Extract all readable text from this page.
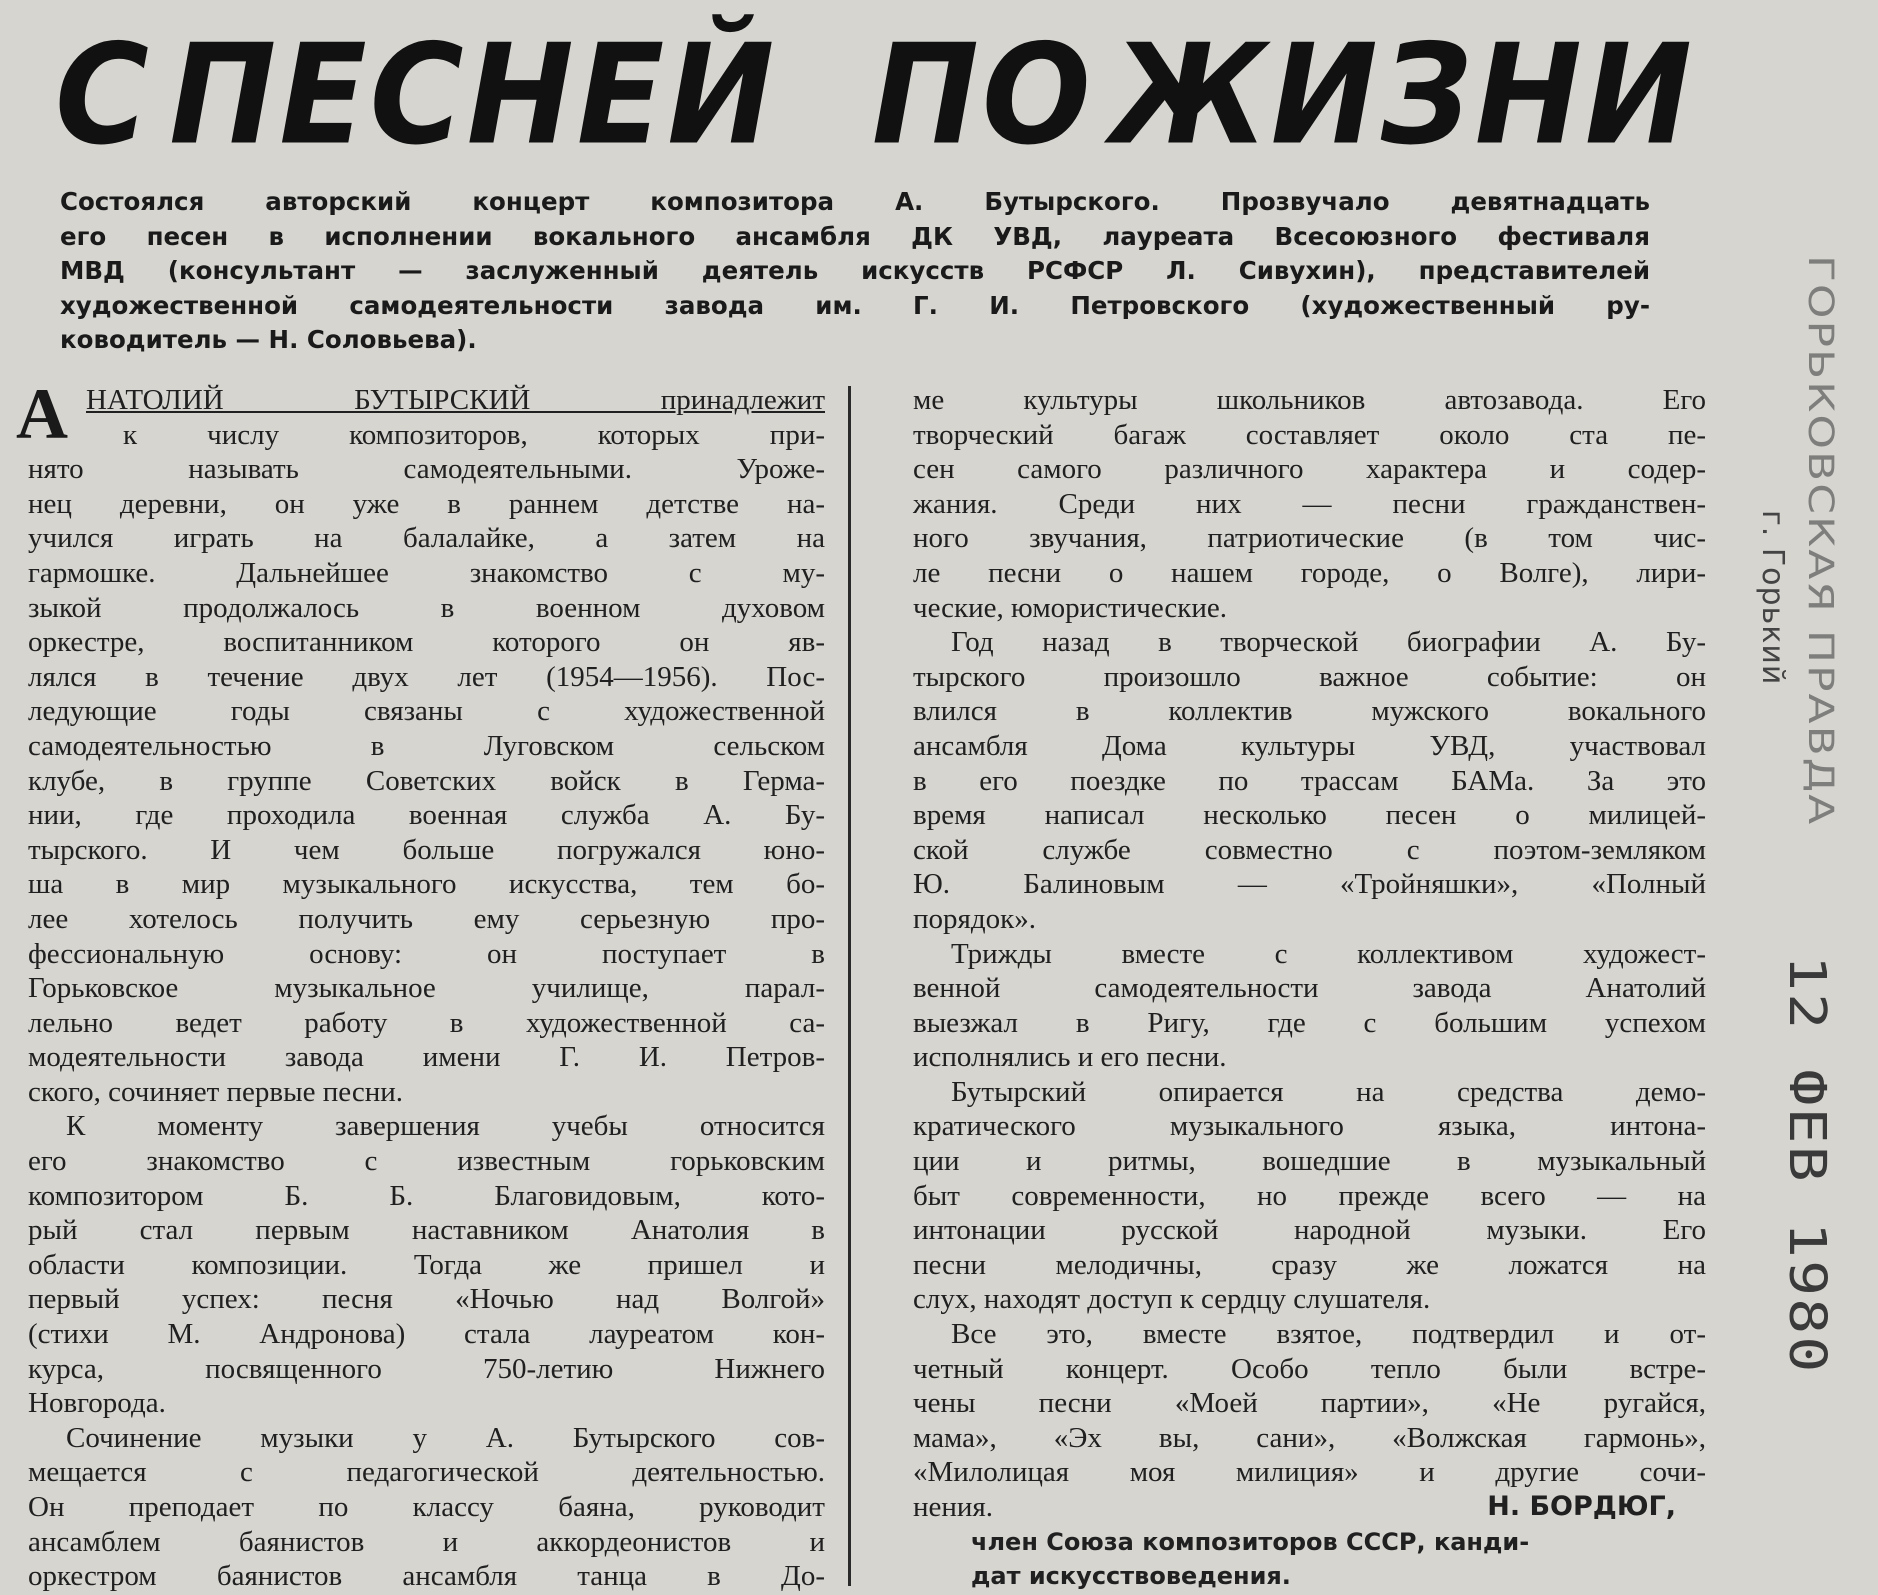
С ПЕСНЕЙ ПО ЖИЗНИ
Состоялся авторский концерт композитора А. Бутырского. Прозвучало девятнадцать
его песен в исполнении вокального ансамбля ДК УВД, лауреата Всесоюзного фестиваля
МВД (консультант — заслуженный деятель искусств РСФСР Л. Сивухин), представителей
художественной самодеятельности завода им. Г. И. Петровского (художественный ру-
ководитель — Н. Соловьева).
А НАТОЛИЙ БУТЫРСКИЙ принадлежит
к числу композиторов, которых при-
нято называть самодеятельными. Уроже-
нец деревни, он уже в раннем детстве на-
учился играть на балалайке, а затем на
гармошке. Дальнейшее знакомство с му-
зыкой продолжалось в военном духовом
оркестре, воспитанником которого он яв-
лялся в течение двух лет (1954—1956). Пос-
ледующие годы связаны с художественной
самодеятельностью в Луговском сельском
клубе, в группе Советских войск в Герма-
нии, где проходила военная служба А. Бу-
тырского. И чем больше погружался юно-
ша в мир музыкального искусства, тем бо-
лее хотелось получить ему серьезную про-
фессиональную основу: он поступает в
Горьковское музыкальное училище, парал-
лельно ведет работу в художественной са-
модеятельности завода имени Г. И. Петров-
ского, сочиняет первые песни.
К моменту завершения учебы относится
его знакомство с известным горьковским
композитором Б. Б. Благовидовым, кото-
рый стал первым наставником Анатолия в
области композиции. Тогда же пришел и
первый успех: песня «Ночью над Волгой»
(стихи М. Андронова) стала лауреатом кон-
курса, посвященного 750-летию Нижнего
Новгорода.
Сочинение музыки у А. Бутырского сов-
мещается с педагогической деятельностью.
Он преподает по классу баяна, руководит
ансамблем баянистов и аккордеонистов и
оркестром баянистов ансамбля танца в До-
ме культуры школьников автозавода. Его
творческий багаж составляет около ста пе-
сен самого различного характера и содер-
жания. Среди них — песни гражданствен-
ного звучания, патриотические (в том чис-
ле песни о нашем городе, о Волге), лири-
ческие, юмористические.
Год назад в творческой биографии А. Бу-
тырского произошло важное событие: он
влился в коллектив мужского вокального
ансамбля Дома культуры УВД, участвовал
в его поездке по трассам БАМа. За это
время написал несколько песен о милицей-
ской службе совместно с поэтом-земляком
Ю. Балиновым — «Тройняшки», «Полный
порядок».
Трижды вместе с коллективом художест-
венной самодеятельности завода Анатолий
выезжал в Ригу, где с большим успехом
исполнялись и его песни.
Бутырский опирается на средства демо-
кратического музыкального языка, интона-
ции и ритмы, вошедшие в музыкальный
быт современности, но прежде всего — на
интонации русской народной музыки. Его
песни мелодичны, сразу же ложатся на
слух, находят доступ к сердцу слушателя.
Все это, вместе взятое, подтвердил и от-
четный концерт. Особо тепло были встре-
чены песни «Моей партии», «Не ругайся,
мама», «Эх вы, сани», «Волжская гармонь»,
«Милолицая моя милиция» и другие сочи-
нения.	Н. БОРДЮГ,
член Союза композиторов СССР, канди-
дат искусствоведения.
ГОРЬКОВСКАЯ ПРАВДА
г. Горький
12 ФЕВ 1980
